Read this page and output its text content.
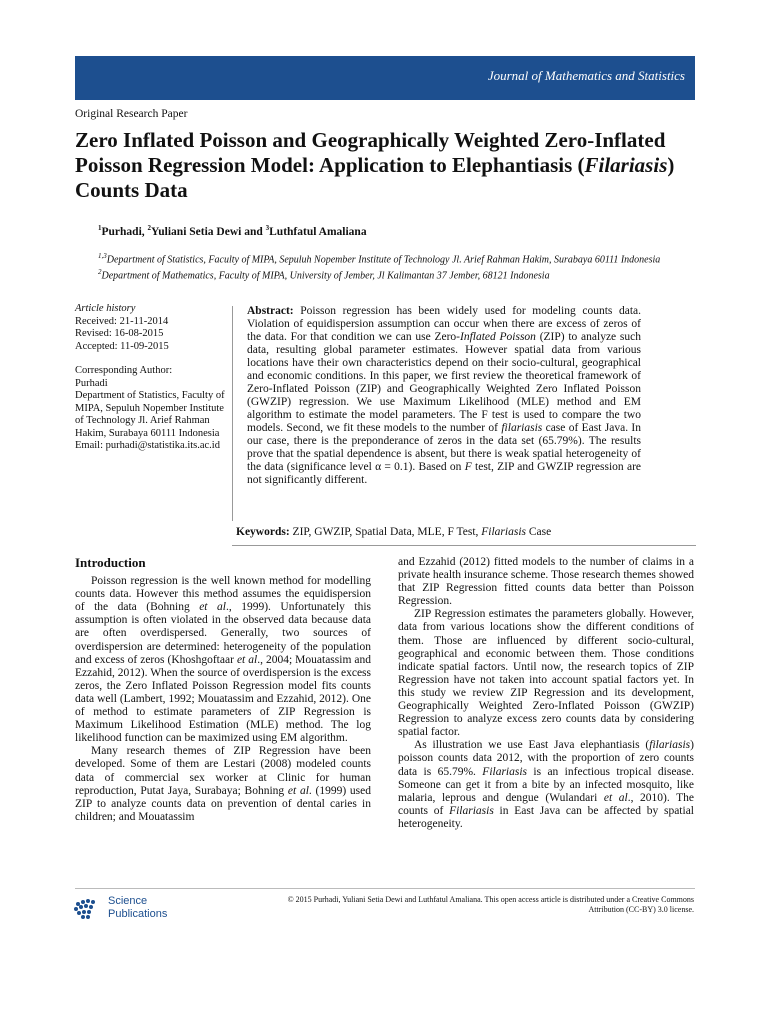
Journal of Mathematics and Statistics
Original Research Paper
Zero Inflated Poisson and Geographically Weighted Zero-Inflated Poisson Regression Model: Application to Elephantiasis (Filariasis) Counts Data
$^1$Purhadi, $^2$Yuliani Setia Dewi and $^3$Luthfatul Amaliana
$^{1,3}$Department of Statistics, Faculty of MIPA, Sepuluh Nopember Institute of Technology Jl. Arief Rahman Hakim, Surabaya 60111 Indonesia
$^2$Department of Mathematics, Faculty of MIPA, University of Jember, Jl Kalimantan 37 Jember, 68121 Indonesia
Article history
Received: 21-11-2014
Revised: 16-08-2015
Accepted: 11-09-2015
Corresponding Author:
Purhadi
Department of Statistics, Faculty of MIPA, Sepuluh Nopember Institute of Technology Jl. Arief Rahman Hakim, Surabaya 60111 Indonesia
Email: purhadi@statistika.its.ac.id
Abstract: Poisson regression has been widely used for modeling counts data. Violation of equidispersion assumption can occur when there are excess of zeros of the data. For that condition we can use Zero-Inflated Poisson (ZIP) to analyze such data, resulting global parameter estimates. However spatial data from various locations have their own characteristics depend on their socio-cultural, geographical and economic conditions. In this paper, we first review the theoretical framework of Zero-Inflated Poisson (ZIP) and Geographically Weighted Zero Inflated Poisson (GWZIP) regression. We use Maximum Likelihood (MLE) method and EM algorithm to estimate the model parameters. The F test is used to compare the two models. Second, we fit these models to the number of filariasis case of East Java. In our case, there is the preponderance of zeros in the data set (65.79%). The results prove that the spatial dependence is absent, but there is weak spatial heterogeneity of the data (significance level α = 0.1). Based on F test, ZIP and GWZIP regression are not significantly different.
Keywords: ZIP, GWZIP, Spatial Data, MLE, F Test, Filariasis Case
Introduction

Poisson regression is the well known method for modelling counts data. However this method assumes the equidispersion of the data (Bohning et al., 1999). Unfortunately this assumption is often violated in the observed data because data are often overdispersed. Generally, two sources of overdispersion are determined: heterogeneity of the population and excess of zeros (Khoshgoftaar et al., 2004; Mouatassim and Ezzahid, 2012). When the source of overdispersion is the excess zeros, the Zero Inflated Poisson Regression model fits counts data well (Lambert, 1992; Mouatassim and Ezzahid, 2012). One of method to estimate parameters of ZIP Regression is Maximum Likelihood Estimation (MLE) method. The log likelihood function can be maximized using EM algorithm.

Many research themes of ZIP Regression have been developed. Some of them are Lestari (2008) modeled counts data of commercial sex worker at Clinic for human reproduction, Putat Jaya, Surabaya; Bohning et al. (1999) used ZIP to analyze counts data on prevention of dental caries in children; and Mouatassim

and Ezzahid (2012) fitted models to the number of claims in a private health insurance scheme. Those research themes showed that ZIP Regression fitted counts data better than Poisson Regression.

ZIP Regression estimates the parameters globally. However, data from various locations show the different conditions of them. Those are influenced by different socio-cultural, geographical and economic between them. Those conditions indicate spatial factors. Until now, the research topics of ZIP Regression have not taken into account spatial factors yet. In this study we review ZIP Regression and its development, Geographically Weighted Zero-Inflated Poisson (GWZIP) Regression to analyze excess zero counts data by considering spatial factor.

As illustration we use East Java elephantiasis (filariasis) poisson counts data 2012, with the proportion of zero counts data is 65.79%. Filariasis is an infectious tropical disease. Someone can get it from a bite by an infected mosquito, like malaria, leprous and dengue (Wulandari et al., 2010). The counts of Filariasis in East Java can be affected by spatial heterogeneity.

Science
Publications
© 2015 Purhadi, Yuliani Setia Dewi and Luthfatul Amaliana. This open access article is distributed under a Creative Commons Attribution (CC-BY) 3.0 license.
